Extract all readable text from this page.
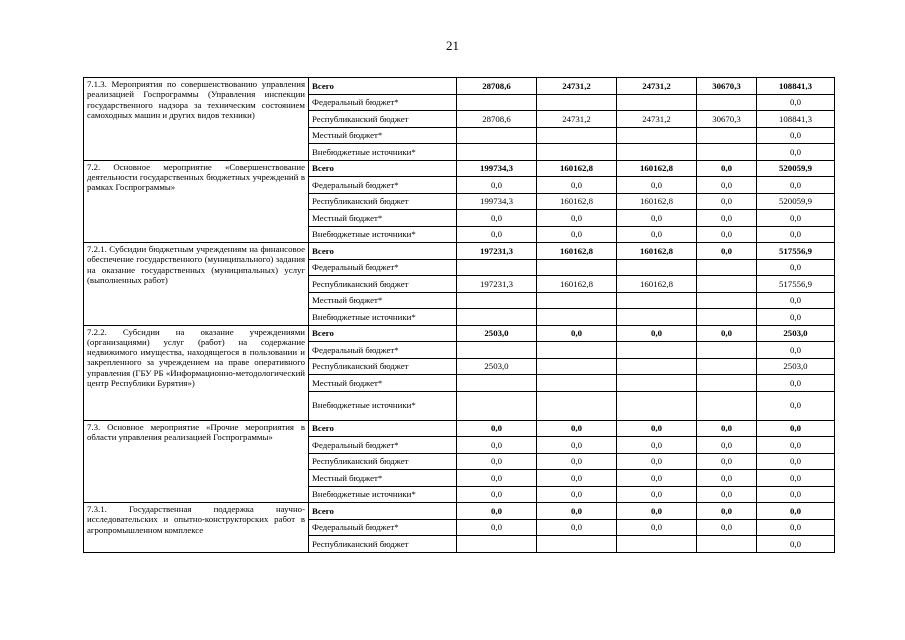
21
7.1.3. Мероприятия по совершенствованию управления реализацией Госпрограммы (Управления инспекции государственного надзора за техническим состоянием самоходных машин и других видов техники)	Всего	28708,6	24731,2	24731,2	30670,3	108841,3
	Федеральный бюджет*					0,0
	Республиканский бюджет	28708,6	24731,2	24731,2	30670,3	108841,3
	Местный бюджет*					0,0
	Внебюджетные источники*					0,0
7.2. Основное мероприятие «Совершенствование деятельности государственных бюджетных учреждений в рамках Госпрограммы»	Всего	199734,3	160162,8	160162,8	0,0	520059,9
	Федеральный бюджет*	0,0	0,0	0,0	0,0	0,0
	Республиканский бюджет	199734,3	160162,8	160162,8	0,0	520059,9
	Местный бюджет*	0,0	0,0	0,0	0,0	0,0
	Внебюджетные источники*	0,0	0,0	0,0	0,0	0,0
7.2.1. Субсидии бюджетным учреждениям на финансовое обеспечение государственного (муниципального) задания на оказание государственных (муниципальных) услуг (выполненных работ)	Всего	197231,3	160162,8	160162,8	0,0	517556,9
	Федеральный бюджет*					0,0
	Республиканский бюджет	197231,3	160162,8	160162,8		517556,9
	Местный бюджет*					0,0
	Внебюджетные источники*					0,0
7.2.2. Субсидии на оказание учреждениями (организациями) услуг (работ) на содержание недвижимого имущества, находящегося в пользовании и закрепленного за учреждением на праве оперативного управления (ГБУ РБ «Информационно-методологический центр Республики Бурятия»)	Всего	2503,0	0,0	0,0	0,0	2503,0
	Федеральный бюджет*					0,0
	Республиканский бюджет	2503,0				2503,0
	Местный бюджет*					0,0
	Внебюджетные источники*					0,0
7.3. Основное мероприятие «Прочие мероприятия в области управления реализацией Госпрограммы»	Всего	0,0	0,0	0,0	0,0	0,0
	Федеральный бюджет*	0,0	0,0	0,0	0,0	0,0
	Республиканский бюджет	0,0	0,0	0,0	0,0	0,0
	Местный бюджет*	0,0	0,0	0,0	0,0	0,0
	Внебюджетные источники*	0,0	0,0	0,0	0,0	0,0
7.3.1. Государственная поддержка научно-исследовательских и опытно-конструкторских работ в агропромышленном комплексе	Всего	0,0	0,0	0,0	0,0	0,0
	Федеральный бюджет*	0,0	0,0	0,0	0,0	0,0
	Республиканский бюджет					0,0
